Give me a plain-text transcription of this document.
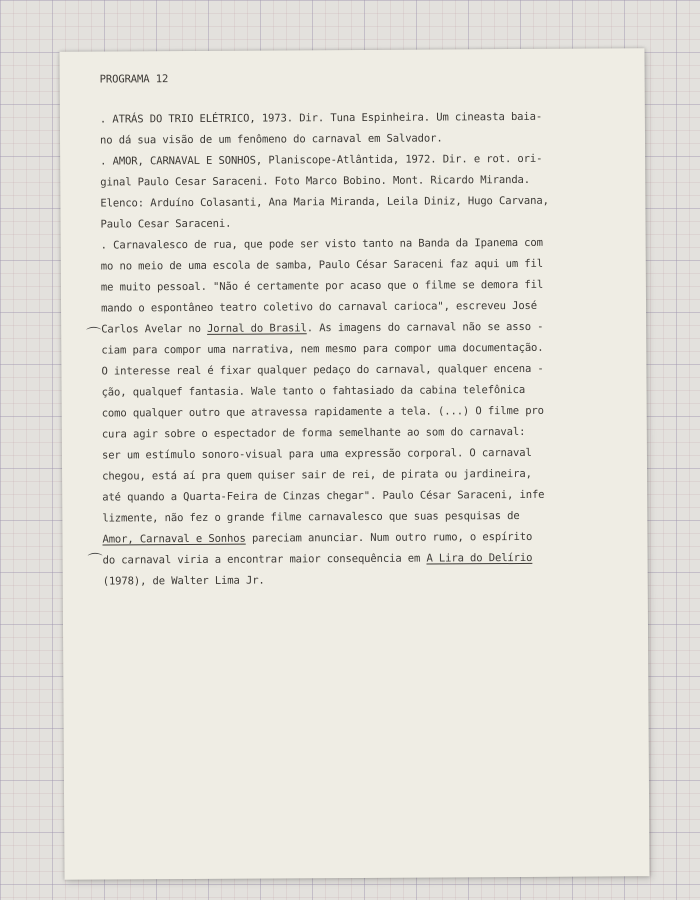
⌒
⌒
PROGRAMA 12
. ATRÁS DO TRIO ELÉTRICO, 1973. Dir. Tuna Espinheira. Um cineasta baia-
no dá sua visão de um fenômeno do carnaval em Salvador.
. AMOR, CARNAVAL E SONHOS, Planiscope-Atlântida, 1972. Dir. e rot. ori-
ginal Paulo Cesar Saraceni. Foto Marco Bobino. Mont. Ricardo Miranda.
Elenco: Arduíno Colasanti, Ana Maria Miranda, Leila Diniz, Hugo Carvana,
Paulo Cesar Saraceni.
. Carnavalesco de rua, que pode ser visto tanto na Banda da Ipanema com
mo no meio de uma escola de samba, Paulo César Saraceni faz aqui um fil
me muito pessoal. "Não é certamente por acaso que o filme se demora fil
mando o espontâneo teatro coletivo do carnaval carioca", escreveu José
Carlos Avelar no Jornal do Brasil. As imagens do carnaval não se asso -
ciam para compor uma narrativa, nem mesmo para compor uma documentação.
O interesse real é fixar qualquer pedaço do carnaval, qualquer encena -
ção, qualquef fantasia. Wale tanto o fahtasiado da cabina telefônica
como qualquer outro que atravessa rapidamente a tela. (...) O filme pro
cura agir sobre o espectador de forma semelhante ao som do carnaval:
ser um estímulo sonoro-visual para uma expressão corporal. O carnaval
chegou, está aí pra quem quiser sair de rei, de pirata ou jardineira,
até quando a Quarta-Feira de Cinzas chegar". Paulo César Saraceni, infe
lizmente, não fez o grande filme carnavalesco que suas pesquisas de
Amor, Carnaval e Sonhos pareciam anunciar. Num outro rumo, o espírito
do carnaval viria a encontrar maior consequência em A Lira do Delírio
(1978), de Walter Lima Jr.
